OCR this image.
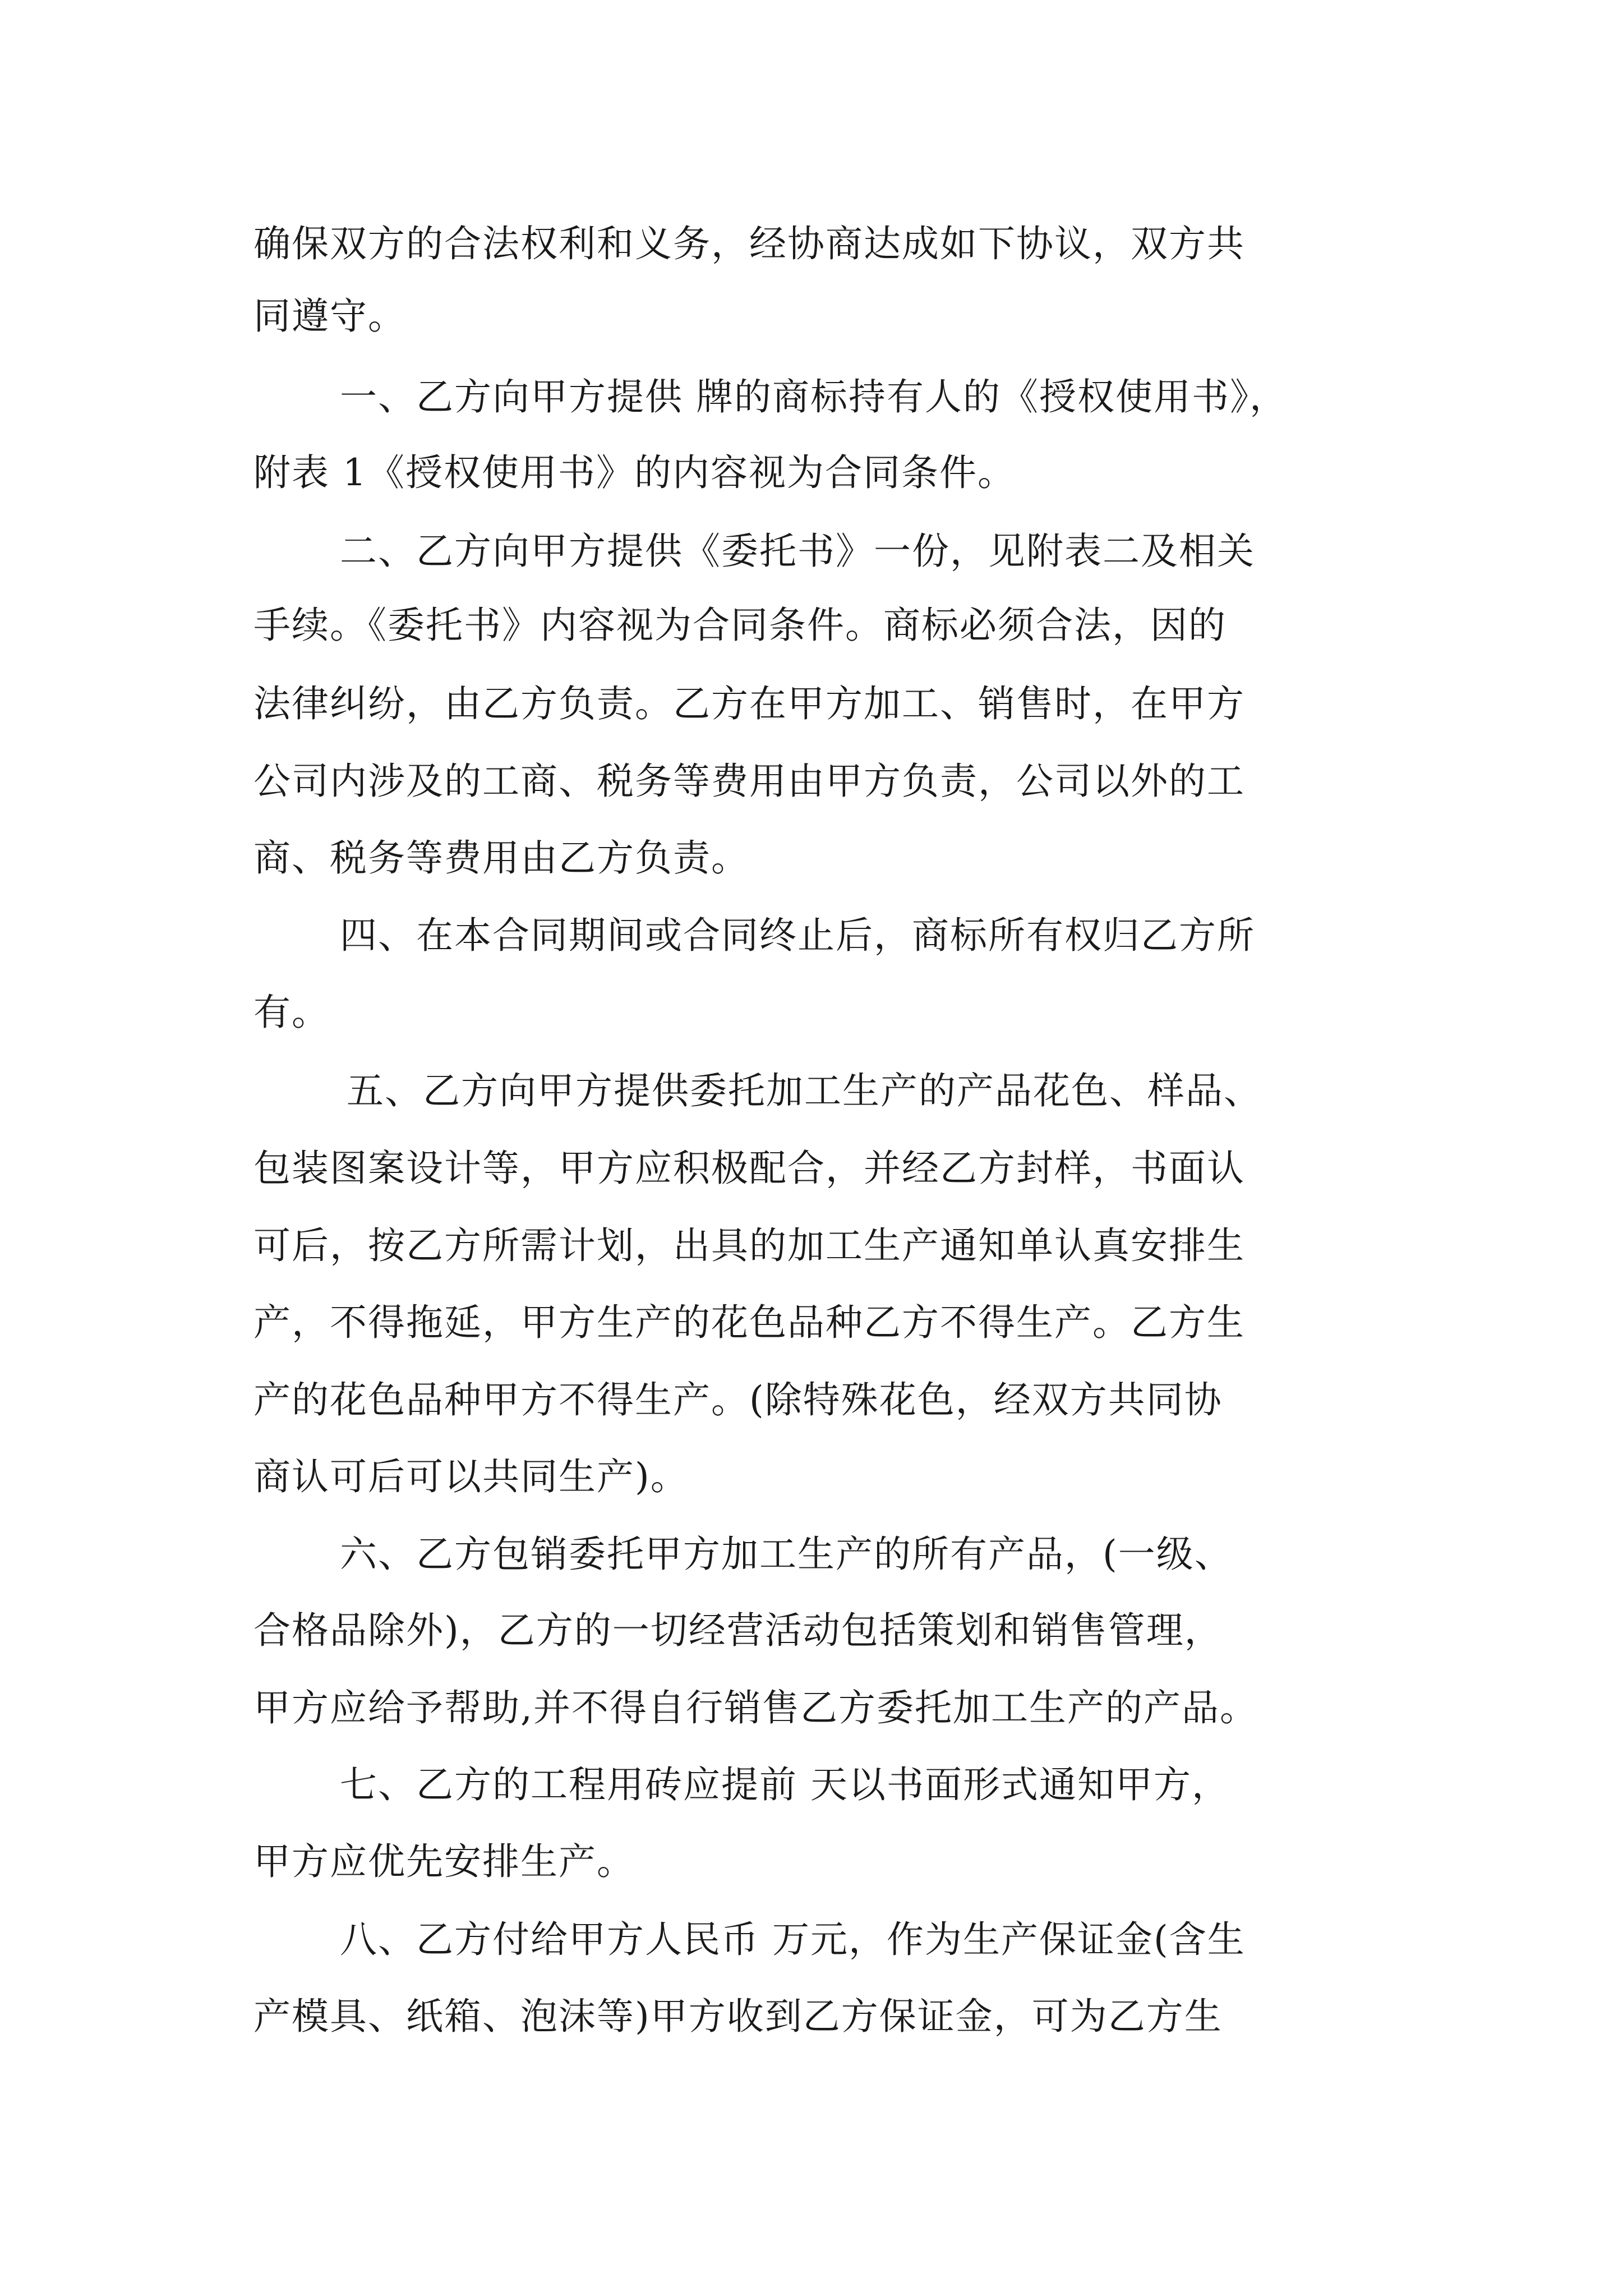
确保双方的合法权利和义务，经协商达成如下协议，双方共

同遵守。

一、乙方向甲方提供 牌的商标持有人的《授权使用书》，

附表 1《授权使用书》的内容视为合同条件。

二、乙方向甲方提供《委托书》一份，见附表二及相关

手续。《委托书》内容视为合同条件。商标必须合法，因的

法律纠纷，由乙方负责。乙方在甲方加工、销售时，在甲方

公司内涉及的工商、税务等费用由甲方负责，公司以外的工

商、税务等费用由乙方负责。

四、在本合同期间或合同终止后，商标所有权归乙方所

有。

五、乙方向甲方提供委托加工生产的产品花色、样品、

包装图案设计等，甲方应积极配合，并经乙方封样，书面认

可后，按乙方所需计划，出具的加工生产通知单认真安排生

产，不得拖延，甲方生产的花色品种乙方不得生产。乙方生

产的花色品种甲方不得生产。(除特殊花色，经双方共同协

商认可后可以共同生产)。

六、乙方包销委托甲方加工生产的所有产品，(一级、

合格品除外)，乙方的一切经营活动包括策划和销售管理，

甲方应给予帮助,并不得自行销售乙方委托加工生产的产品。

七、乙方的工程用砖应提前 天以书面形式通知甲方，

甲方应优先安排生产。

八、乙方付给甲方人民币 万元，作为生产保证金(含生

产模具、纸箱、泡沫等)甲方收到乙方保证金，可为乙方生
